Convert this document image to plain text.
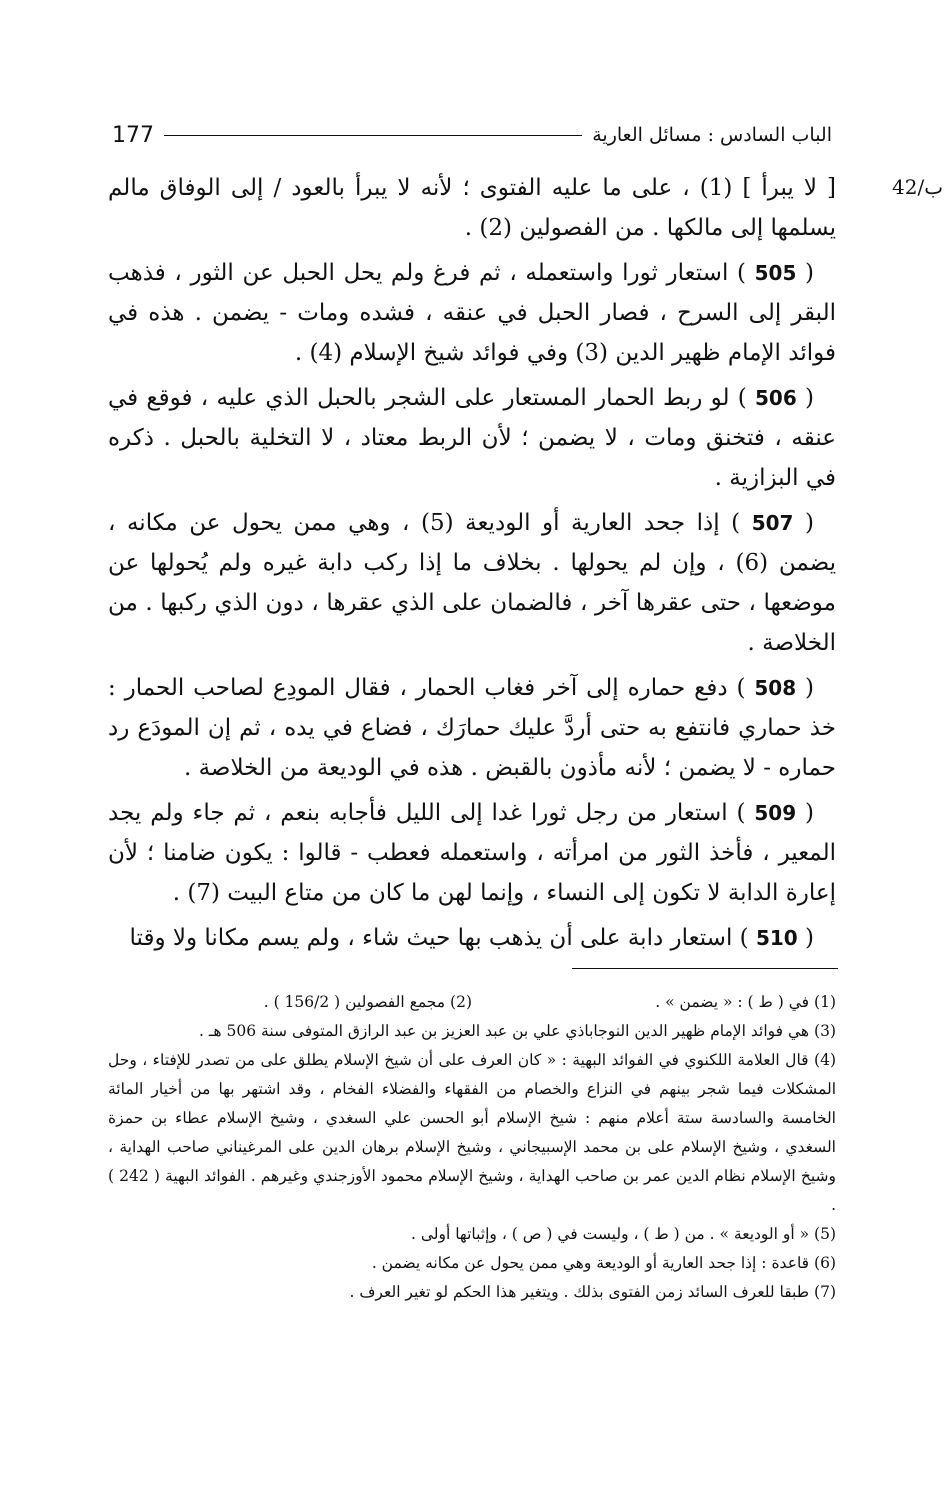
الباب السادس : مسائل العارية
177
42/ب

[ لا يبرأ ] (1) ، على ما عليه الفتوى ؛ لأنه لا يبرأ بالعود / إلى الوفاق مالم يسلمها إلى مالكها . من الفصولين (2) .

( 505 ) استعار ثورا واستعمله ، ثم فرغ ولم يحل الحبل عن الثور ، فذهب البقر إلى السرح ، فصار الحبل في عنقه ، فشده ومات - يضمن . هذه في فوائد الإمام ظهير الدين (3) وفي فوائد شيخ الإسلام (4) .

( 506 ) لو ربط الحمار المستعار على الشجر بالحبل الذي عليه ، فوقع في عنقه ، فتخنق ومات ، لا يضمن ؛ لأن الربط معتاد ، لا التخلية بالحبل . ذكره في البزازية .

( 507 ) إذا جحد العارية أو الوديعة (5) ، وهي ممن يحول عن مكانه ، يضمن (6) ، وإن لم يحولها . بخلاف ما إذا ركب دابة غيره ولم يُحولها عن موضعها ، حتى عقرها آخر ، فالضمان على الذي عقرها ، دون الذي ركبها . من الخلاصة .

( 508 ) دفع حماره إلى آخر فغاب الحمار ، فقال المودِع لصاحب الحمار : خذ حماري فانتفع به حتى أردَّ عليك حمارَك ، فضاع في يده ، ثم إن المودَع رد حماره - لا يضمن ؛ لأنه مأذون بالقبض . هذه في الوديعة من الخلاصة .

( 509 ) استعار من رجل ثورا غدا إلى الليل فأجابه بنعم ، ثم جاء ولم يجد المعير ، فأخذ الثور من امرأته ، واستعمله فعطب - قالوا : يكون ضامنا ؛ لأن إعارة الدابة لا تكون إلى النساء ، وإنما لهن ما كان من متاع البيت (7) .

( 510 ) استعار دابة على أن يذهب بها حيث شاء ، ولم يسم مكانا ولا وقتا

(1) في ( ط ) : « يضمن » .

(2) مجمع الفصولين ( 156/2 ) .

(3) هي فوائد الإمام ظهير الدين النوجاباذي علي بن عبد العزيز بن عبد الرازق المتوفى سنة 506 هـ .

(4) قال العلامة اللكنوي في الفوائد البهية : « كان العرف على أن شيخ الإسلام يطلق على من تصدر للإفتاء ، وحل المشكلات فيما شجر بينهم في النزاع والخصام من الفقهاء والفضلاء الفخام ، وقد اشتهر بها من أخيار المائة الخامسة والسادسة ستة أعلام منهم : شيخ الإسلام أبو الحسن علي السغدي ، وشيخ الإسلام عطاء بن حمزة السغدي ، وشيخ الإسلام على بن محمد الإسبيجاني ، وشيخ الإسلام برهان الدين على المرغيناني صاحب الهداية ، وشيخ الإسلام نظام الدين عمر بن صاحب الهداية ، وشيخ الإسلام محمود الأوزجندي وغيرهم . الفوائد البهية ( 242 ) .

(5) « أو الوديعة » . من ( ط ) ، وليست في ( ص ) ، وإثباتها أولى .

(6) قاعدة : إذا جحد العارية أو الوديعة وهي ممن يحول عن مكانه يضمن .

(7) طبقا للعرف السائد زمن الفتوى بذلك . ويتغير هذا الحكم لو تغير العرف .
